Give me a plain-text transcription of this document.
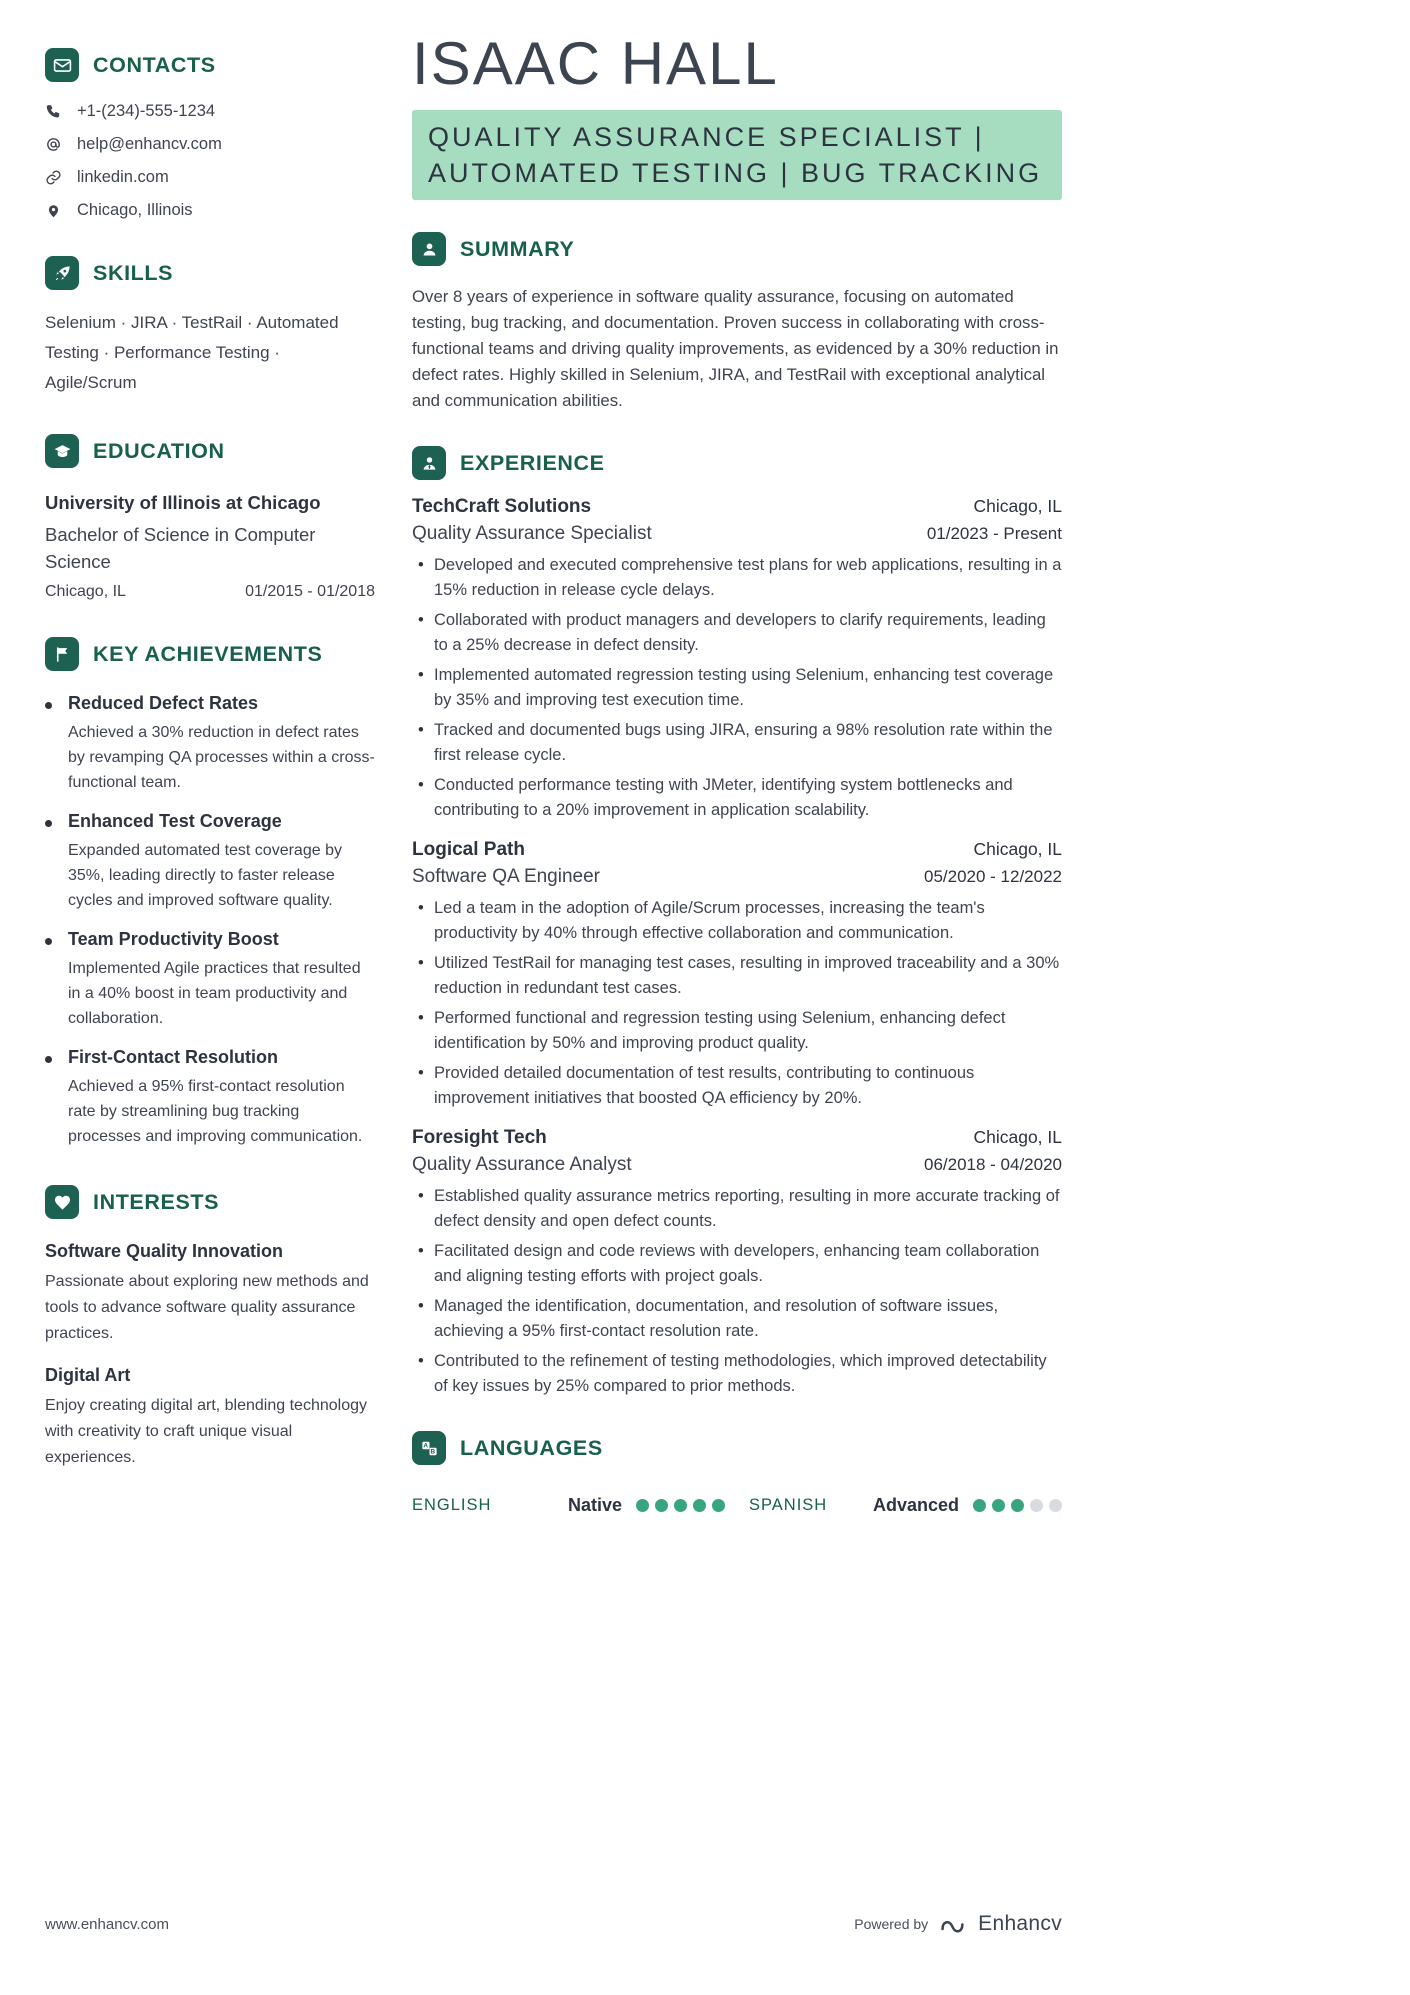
CONTACTS
+1-(234)-555-1234
help@enhancv.com
linkedin.com
Chicago, Illinois
SKILLS

Selenium · JIRA · TestRail · Automated Testing · Performance Testing · Agile/Scrum

EDUCATION
University of Illinois at Chicago
Bachelor of Science in Computer Science
Chicago, IL	01/2015 - 01/2018
KEY ACHIEVEMENTS
Reduced Defect Rates
Achieved a 30% reduction in defect rates by revamping QA processes within a cross-functional team.
Enhanced Test Coverage
Expanded automated test coverage by 35%, leading directly to faster release cycles and improved software quality.
Team Productivity Boost
Implemented Agile practices that resulted in a 40% boost in team productivity and collaboration.
First-Contact Resolution
Achieved a 95% first-contact resolution rate by streamlining bug tracking processes and improving communication.
INTERESTS
Software Quality Innovation
Passionate about exploring new methods and tools to advance software quality assurance practices.
Digital Art
Enjoy creating digital art, blending technology with creativity to craft unique visual experiences.
ISAAC HALL
QUALITY ASSURANCE SPECIALIST | AUTOMATED TESTING | BUG TRACKING
SUMMARY

Over 8 years of experience in software quality assurance, focusing on automated testing, bug tracking, and documentation. Proven success in collaborating with cross-functional teams and driving quality improvements, as evidenced by a 30% reduction in defect rates. Highly skilled in Selenium, JIRA, and TestRail with exceptional analytical and communication abilities.

EXPERIENCE
TechCraft Solutions	Chicago, IL
Quality Assurance Specialist	01/2023 - Present
• Developed and executed comprehensive test plans for web applications, resulting in a 15% reduction in release cycle delays.
• Collaborated with product managers and developers to clarify requirements, leading to a 25% decrease in defect density.
• Implemented automated regression testing using Selenium, enhancing test coverage by 35% and improving test execution time.
• Tracked and documented bugs using JIRA, ensuring a 98% resolution rate within the first release cycle.
• Conducted performance testing with JMeter, identifying system bottlenecks and contributing to a 20% improvement in application scalability.
Logical Path	Chicago, IL
Software QA Engineer	05/2020 - 12/2022
• Led a team in the adoption of Agile/Scrum processes, increasing the team's productivity by 40% through effective collaboration and communication.
• Utilized TestRail for managing test cases, resulting in improved traceability and a 30% reduction in redundant test cases.
• Performed functional and regression testing using Selenium, enhancing defect identification by 50% and improving product quality.
• Provided detailed documentation of test results, contributing to continuous improvement initiatives that boosted QA efficiency by 20%.
Foresight Tech	Chicago, IL
Quality Assurance Analyst	06/2018 - 04/2020
• Established quality assurance metrics reporting, resulting in more accurate tracking of defect density and open defect counts.
• Facilitated design and code reviews with developers, enhancing team collaboration and aligning testing efforts with project goals.
• Managed the identification, documentation, and resolution of software issues, achieving a 95% first-contact resolution rate.
• Contributed to the refinement of testing methodologies, which improved detectability of key issues by 25% compared to prior methods.
A
B LANGUAGES
ENGLISH	Native	SPANISH	Advanced
www.enhancv.com	Powered by Enhancv
